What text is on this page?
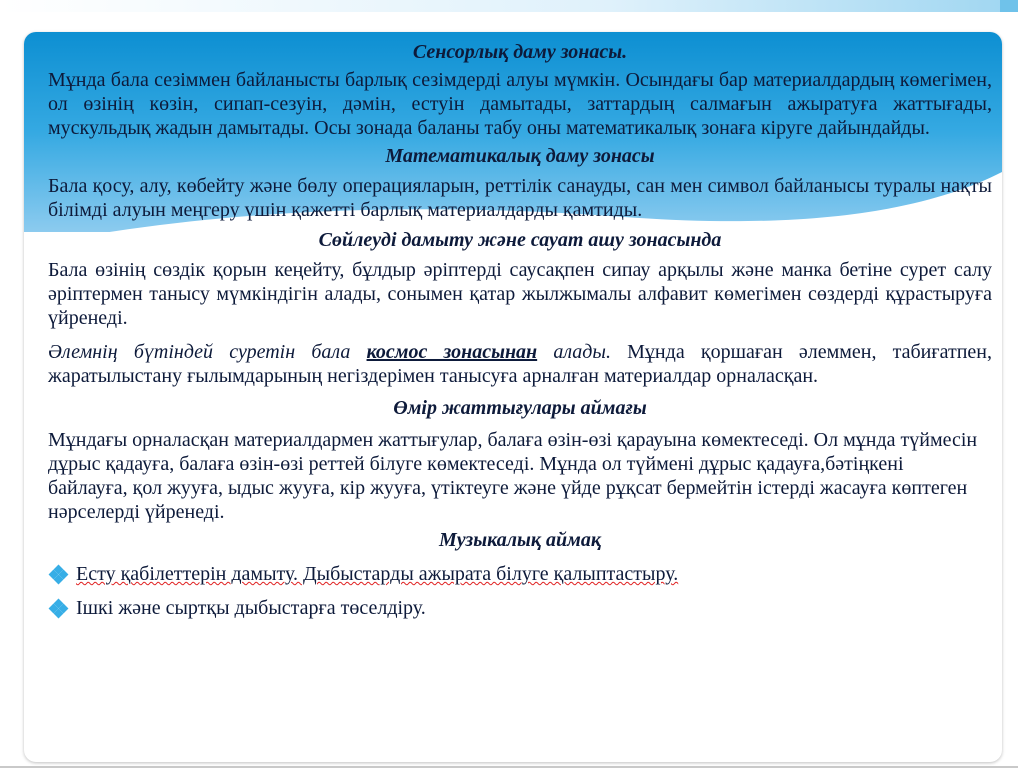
Сенсорлық даму зонасы.

Мұнда бала сезіммен байланысты барлық сезімдерді алуы мүмкін. Осындағы бар материалдардың көмегімен, ол өзінің көзін, сипап-сезуін, дәмін, естуін дамытады, заттардың салмағын ажыратуға жаттығады, мускульдық жадын дамытады. Осы зонада баланы табу оны математикалық зонаға кіруге дайындайды.

Математикалық даму зонасы

Бала қосу, алу, көбейту және бөлу операцияларын, реттілік санауды, сан мен символ байланысы туралы нақты білімді алуын меңгеру үшін қажетті барлық материалдарды қамтиды.

Сөйлеуді дамыту және сауат ашу зонасында

Бала өзінің сөздік қорын кеңейту, бұлдыр әріптерді саусақпен сипау арқылы және манка бетіне сурет салу әріптермен танысу мүмкіндігін алады, сонымен қатар жылжымалы алфавит көмегімен сөздерді құрастыруға үйренеді.

Әлемнің бүтіндей суретін бала космос зонасынан алады. Мұнда қоршаған әлеммен, табиғатпен, жаратылыстану ғылымдарының негіздерімен танысуға арналған материалдар орналасқан.

Өмір жаттығулары аймағы

Мұндағы орналасқан материалдармен жаттығулар, балаға өзін-өзі қарауына көмектеседі. Ол мұнда түймесін дұрыс қадауға, балаға өзін-өзі реттей білуге көмектеседі. Мұнда ол түймені дұрыс қадауға,бәтіңкені байлауға, қол жууға, ыдыс жууға, кір жууға, үтіктеуге және үйде рұқсат бермейтін істерді жасауға көптеген нәрселерді үйренеді.

Музыкалық аймақ

Есту қабілеттерін дамыту. Дыбыстарды ажырата білуге қалыптастыру.
Ішкі және сыртқы дыбыстарға төселдіру.
